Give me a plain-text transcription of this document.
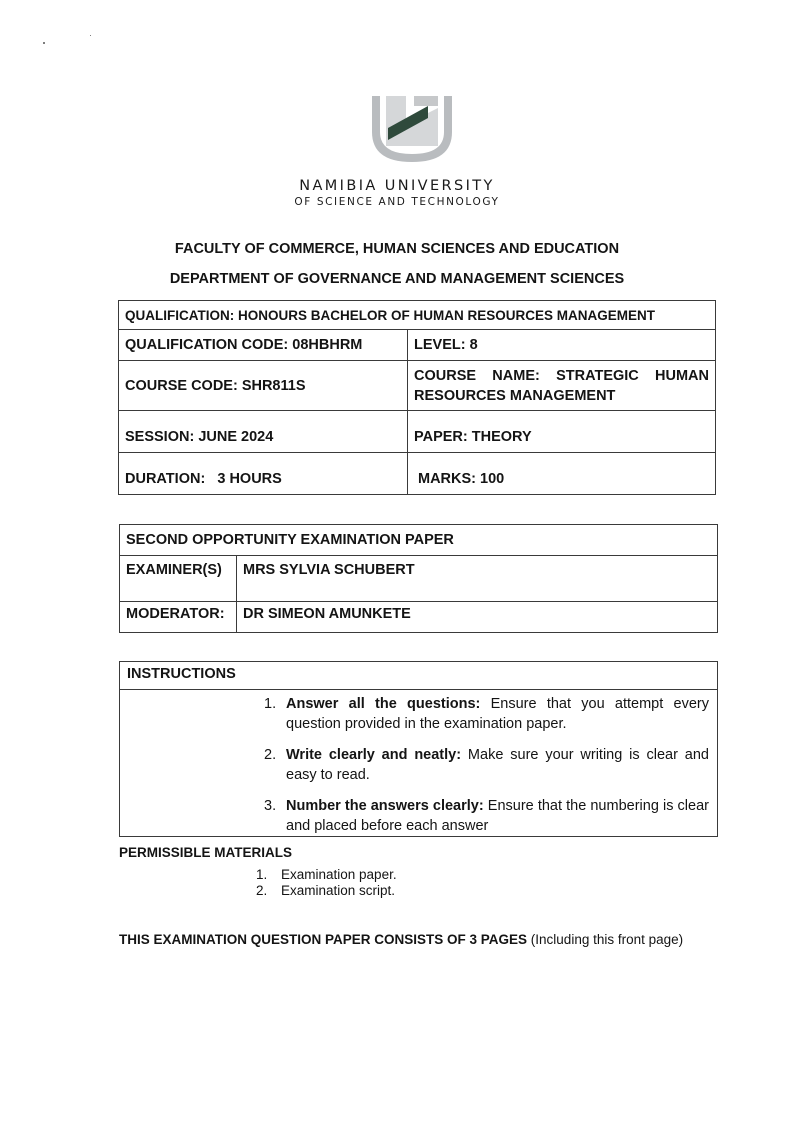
NAMIBIA UNIVERSITY
OF SCIENCE AND TECHNOLOGY
FACULTY OF COMMERCE, HUMAN SCIENCES AND EDUCATION
DEPARTMENT OF GOVERNANCE AND MANAGEMENT SCIENCES
QUALIFICATION: HONOURS BACHELOR OF HUMAN RESOURCES MANAGEMENT	
QUALIFICATION CODE: 08HBHRM	LEVEL: 8
COURSE CODE: SHR811S	COURSE NAME: STRATEGIC HUMAN
RESOURCES MANAGEMENT

SESSION: JUNE 2024	PAPER: THEORY
DURATION:   3 HOURS	MARKS: 100
SECOND OPPORTUNITY EXAMINATION PAPER	
EXAMINER(S)	MRS SYLVIA SCHUBERT
MODERATOR:	DR SIMEON AMUNKETE
INSTRUCTIONS
1. Answer all the questions: Ensure that you attempt every question provided in the examination paper.
2. Write clearly and neatly: Make sure your writing is clear and easy to read.
3. Number the answers clearly: Ensure that the numbering is clear and placed before each answer
PERMISSIBLE MATERIALS
1. Examination paper.
2. Examination script.
THIS EXAMINATION QUESTION PAPER CONSISTS OF 3 PAGES (Including this front page)
